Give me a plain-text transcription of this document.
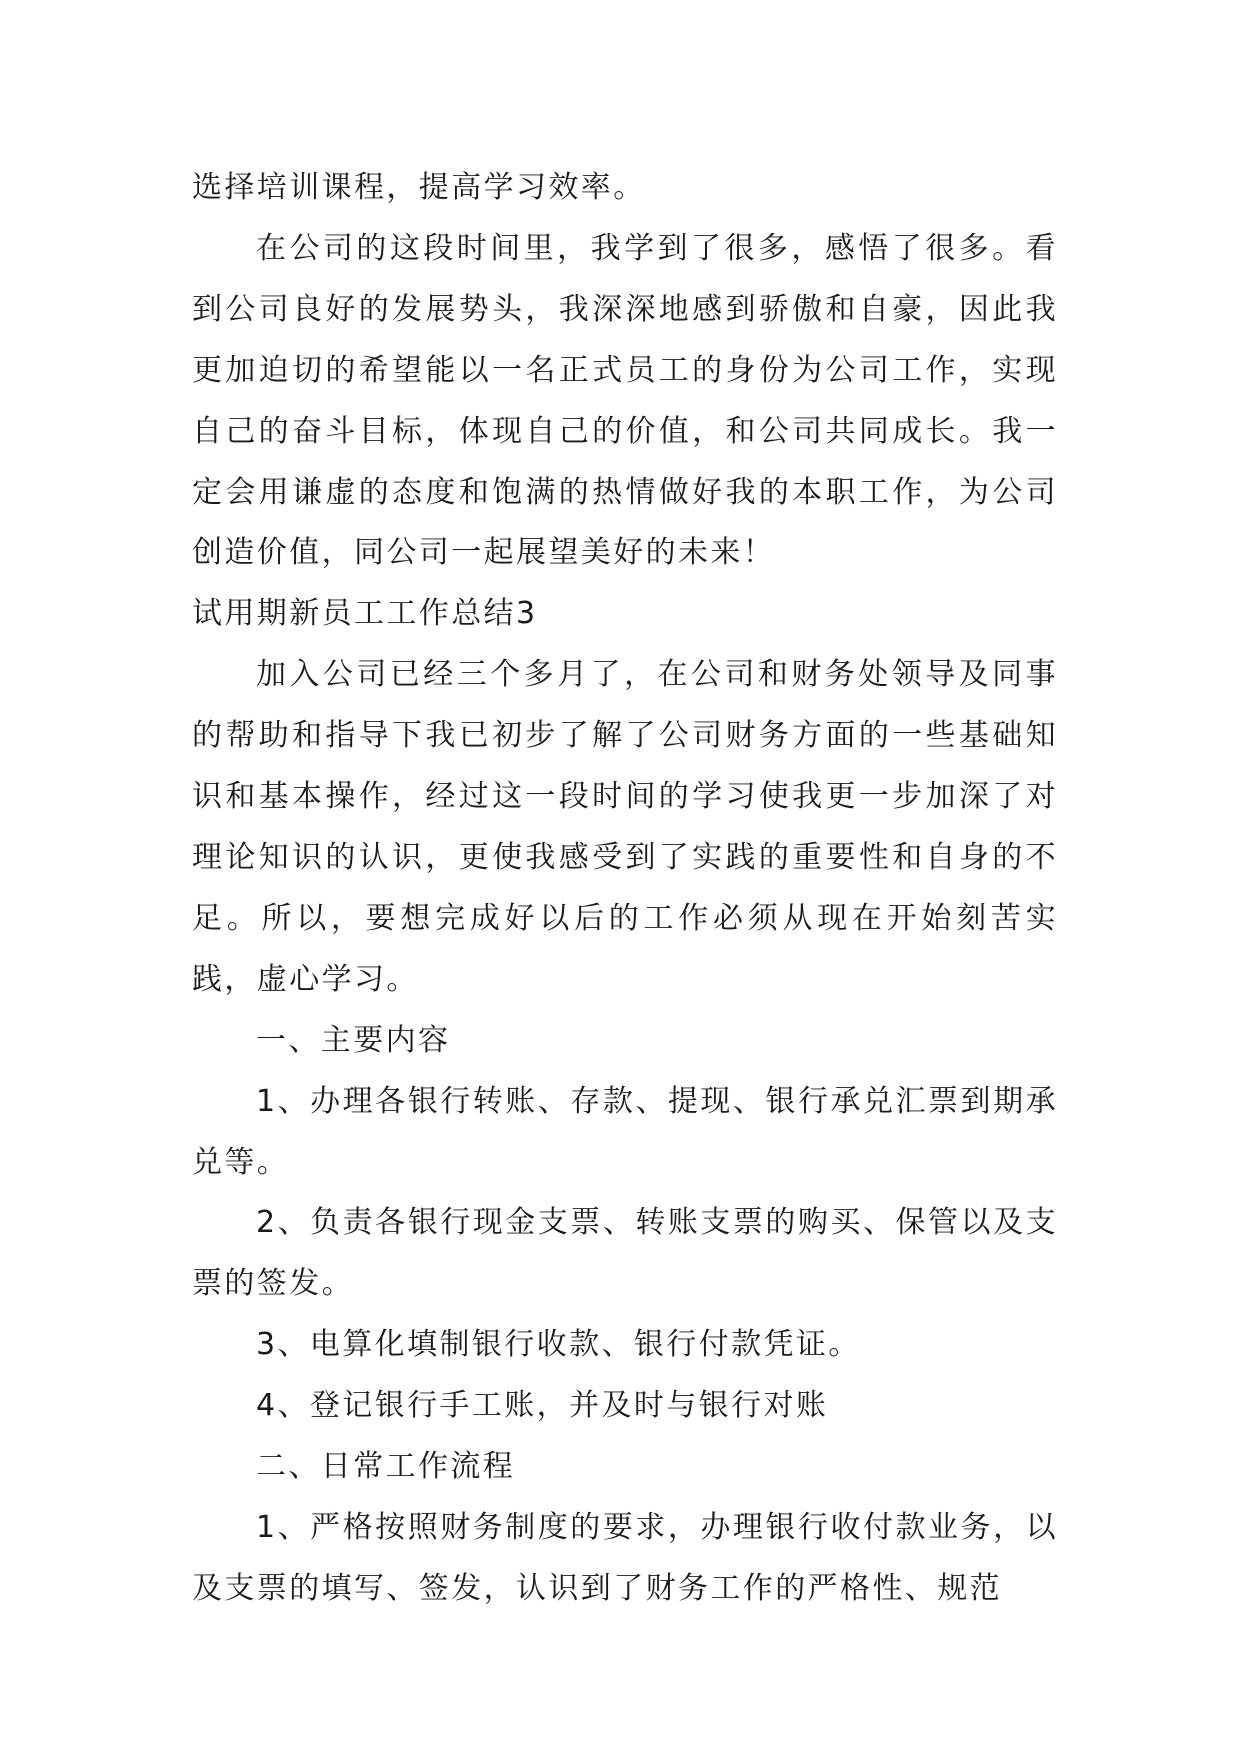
选择培训课程，提高学习效率。

在公司的这段时间里，我学到了很多，感悟了很多。看到公司良好的发展势头，我深深地感到骄傲和自豪，因此我更加迫切的希望能以一名正式员工的身份为公司工作，实现自己的奋斗目标，体现自己的价值，和公司共同成长。我一定会用谦虚的态度和饱满的热情做好我的本职工作，为公司创造价值，同公司一起展望美好的未来！

试用期新员工工作总结3

加入公司已经三个多月了，在公司和财务处领导及同事的帮助和指导下我已初步了解了公司财务方面的一些基础知识和基本操作，经过这一段时间的学习使我更一步加深了对理论知识的认识，更使我感受到了实践的重要性和自身的不足。所以，要想完成好以后的工作必须从现在开始刻苦实践，虚心学习。

一、主要内容

1、办理各银行转账、存款、提现、银行承兑汇票到期承兑等。

2、负责各银行现金支票、转账支票的购买、保管以及支票的签发。

3、电算化填制银行收款、银行付款凭证。

4、登记银行手工账，并及时与银行对账

二、日常工作流程

1、严格按照财务制度的要求，办理银行收付款业务，以及支票的填写、签发，认识到了财务工作的严格性、规范
